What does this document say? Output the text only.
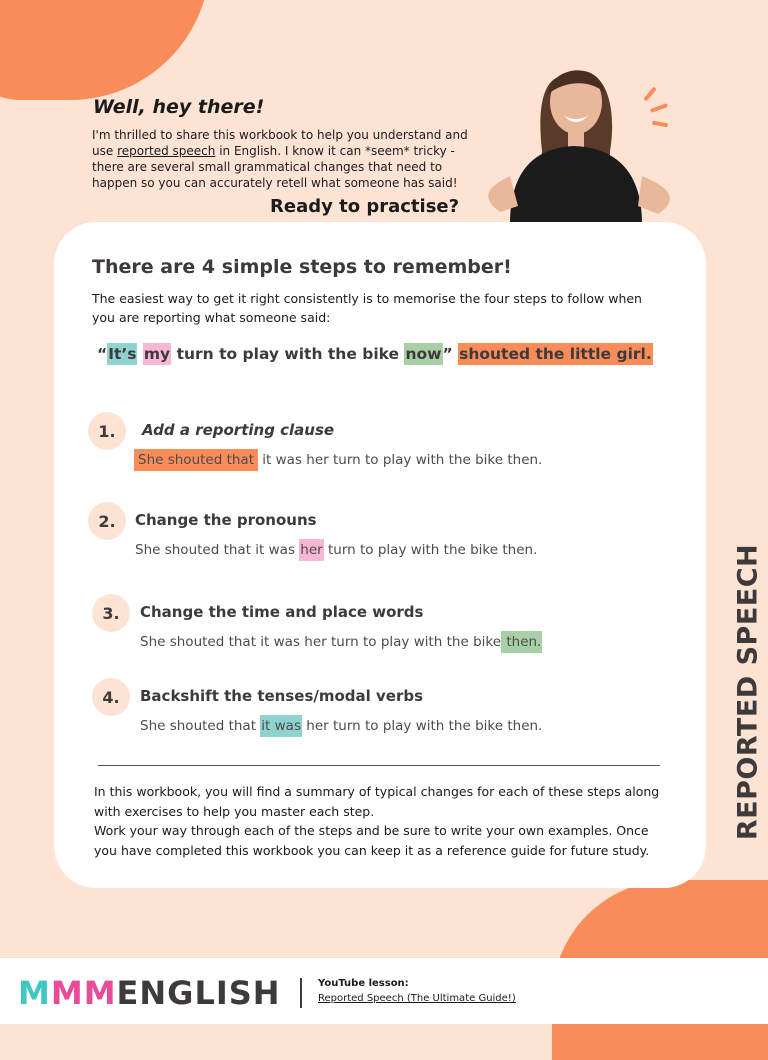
Well, hey there!

I'm thrilled to share this workbook to help you understand and use reported speech in English. I know it can *seem* tricky - there are several small grammatical changes that need to happen so you can accurately retell what someone has said!

Ready to practise?
There are 4 simple steps to remember!

The easiest way to get it right consistently is to memorise the four steps to follow when you are reporting what someone said:

“It’s my turn to play with the bike now” shouted the little girl.
1.	Add a reporting clause
She shouted that it was her turn to play with the bike then.
2.	Change the pronouns
She shouted that it was her turn to play with the bike then.
3.	Change the time and place words
She shouted that it was her turn to play with the bike then.
4.	Backshift the tenses/modal verbs
She shouted that it was her turn to play with the bike then.

In this workbook, you will find a summary of typical changes for each of these steps along with exercises to help you master each step.
Work your way through each of the steps and be sure to write your own examples. Once you have completed this workbook you can keep it as a reference guide for future study.

REPORTED SPEECH
MMMENGLISH	YouTube lesson:
Reported Speech (The Ultimate Guide!)
